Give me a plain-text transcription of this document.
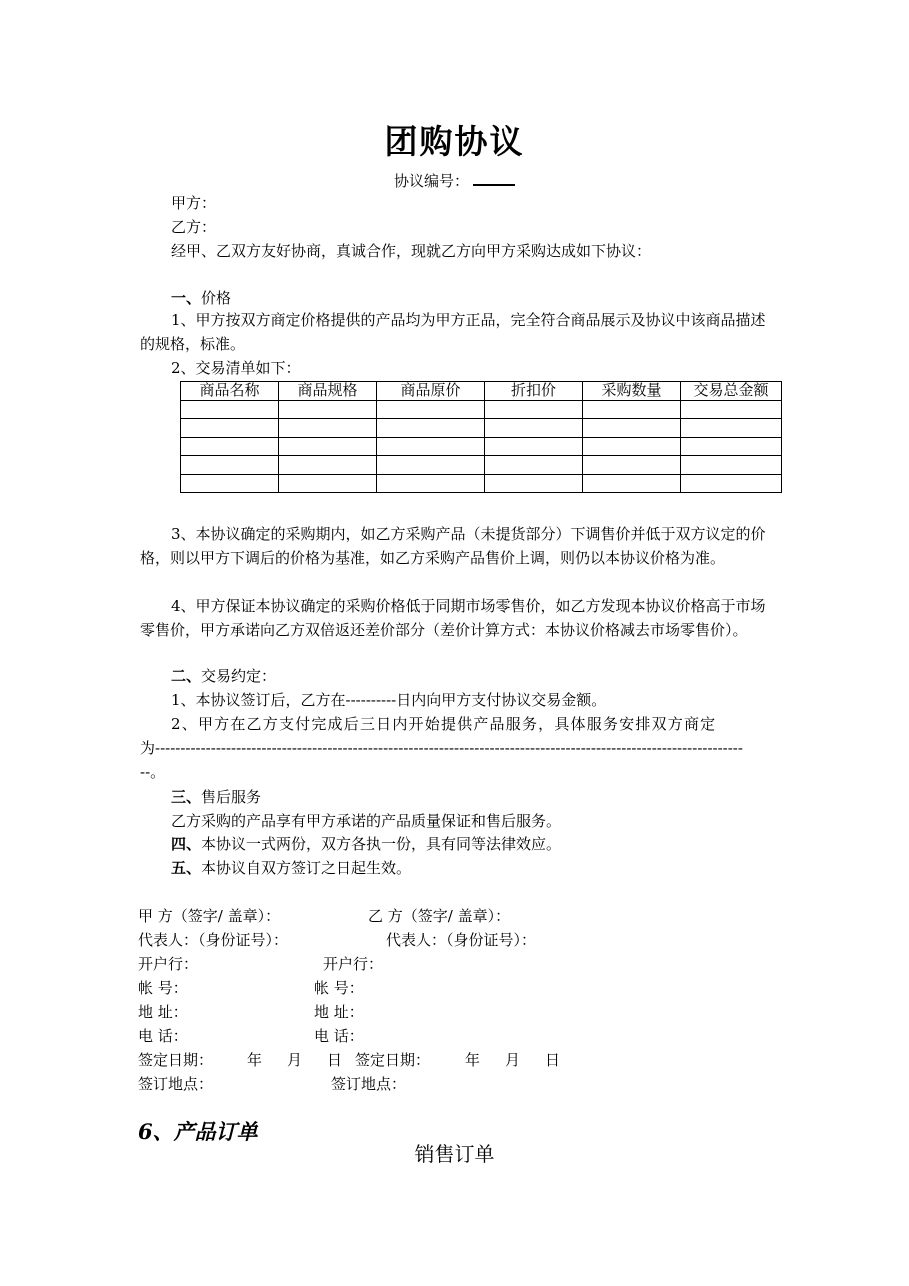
团购协议
协议编号：
甲方：
乙方：
经甲、乙双方友好协商，真诚合作，现就乙方向甲方采购达成如下协议：
一、价格
1、甲方按双方商定价格提供的产品均为甲方正品，完全符合商品展示及协议中该商品描述的规格，标准。
2、交易清单如下：
商品名称	商品规格	商品原价	折扣价	采购数量	交易总金额

3、本协议确定的采购期内，如乙方采购产品（未提货部分）下调售价并低于双方议定的价格，则以甲方下调后的价格为基准，如乙方采购产品售价上调，则仍以本协议价格为准。
4、甲方保证本协议确定的采购价格低于同期市场零售价，如乙方发现本协议价格高于市场零售价，甲方承诺向乙方双倍返还差价部分（差价计算方式：本协议价格减去市场零售价）。
二、交易约定：
1、本协议签订后，乙方在----------日内向甲方支付协议交易金额。
2、甲方在乙方支付完成后三日内开始提供产品服务，具体服务安排双方商定
为--------------------------------------------------------------------------------------------------------------------
--。
三、售后服务
乙方采购的产品享有甲方承诺的产品质量保证和售后服务。
四、本协议一式两份，双方各执一份，具有同等法律效应。
五、本协议自双方签订之日起生效。
甲 方（签字/ 盖章）：	乙 方（签字/ 盖章）：
代表人：（身份证号）：	代表人：（身份证号）：
开户行：	开户行：
帐 号：	帐 号：
地 址：	地 址：
电 话：	电 话：
签定日期： 年 月 日 签定日期： 年 月 日
签订地点：	签订地点：
6、产品订单
销售订单
